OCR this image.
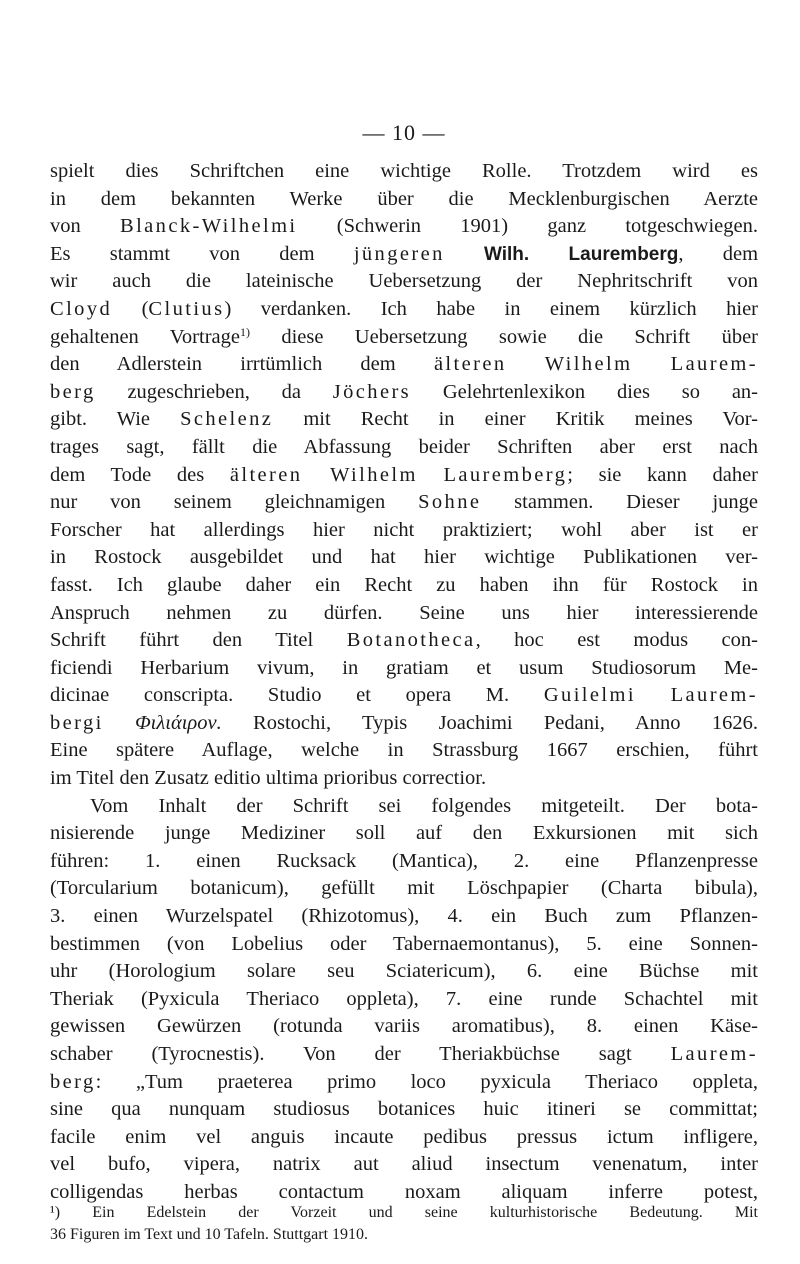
— 10 —
spielt dies Schriftchen eine wichtige Rolle. Trotzdem wird es
in dem bekannten Werke über die Mecklenburgischen Aerzte
von Blanck-Wilhelmi (Schwerin 1901) ganz totgeschwiegen.
Es stammt von dem jüngeren Wilh. Lauremberg, dem
wir auch die lateinische Uebersetzung der Nephritschrift von
Cloyd (Clutius) verdanken. Ich habe in einem kürzlich hier
gehaltenen Vortrage$^{1)}$ diese Uebersetzung sowie die Schrift über
den Adlerstein irrtümlich dem älteren Wilhelm Laurem-
berg zugeschrieben, da Jöchers Gelehrtenlexikon dies so an-
gibt. Wie Schelenz mit Recht in einer Kritik meines Vor-
trages sagt, fällt die Abfassung beider Schriften aber erst nach
dem Tode des älteren Wilhelm Lauremberg; sie kann daher
nur von seinem gleichnamigen Sohne stammen. Dieser junge
Forscher hat allerdings hier nicht praktiziert; wohl aber ist er
in Rostock ausgebildet und hat hier wichtige Publikationen ver-
fasst. Ich glaube daher ein Recht zu haben ihn für Rostock in
Anspruch nehmen zu dürfen. Seine uns hier interessierende
Schrift führt den Titel Botanotheca, hoc est modus con-
ficiendi Herbarium vivum, in gratiam et usum Studiosorum Me-
dicinae conscripta. Studio et opera M. Guilelmi Laurem-
bergi Φιλιάιρον. Rostochi, Typis Joachimi Pedani, Anno 1626.
Eine spätere Auflage, welche in Strassburg 1667 erschien, führt
im Titel den Zusatz editio ultima prioribus correctior.
Vom Inhalt der Schrift sei folgendes mitgeteilt. Der bota-
nisierende junge Mediziner soll auf den Exkursionen mit sich
führen: 1. einen Rucksack (Mantica), 2. eine Pflanzenpresse
(Torcularium botanicum), gefüllt mit Löschpapier (Charta bibula),
3. einen Wurzelspatel (Rhizotomus), 4. ein Buch zum Pflanzen-
bestimmen (von Lobelius oder Tabernaemontanus), 5. eine Sonnen-
uhr (Horologium solare seu Sciatericum), 6. eine Büchse mit
Theriak (Pyxicula Theriaco oppleta), 7. eine runde Schachtel mit
gewissen Gewürzen (rotunda variis aromatibus), 8. einen Käse-
schaber (Tyrocnestis). Von der Theriakbüchse sagt Laurem-
berg: „Tum praeterea primo loco pyxicula Theriaco oppleta,
sine qua nunquam studiosus botanices huic itineri se committat;
facile enim vel anguis incaute pedibus pressus ictum infligere,
vel bufo, vipera, natrix aut aliud insectum venenatum, inter
colligendas herbas contactum noxam aliquam inferre potest,
¹) Ein Edelstein der Vorzeit und seine kulturhistorische Bedeutung. Mit
36 Figuren im Text und 10 Tafeln. Stuttgart 1910.
